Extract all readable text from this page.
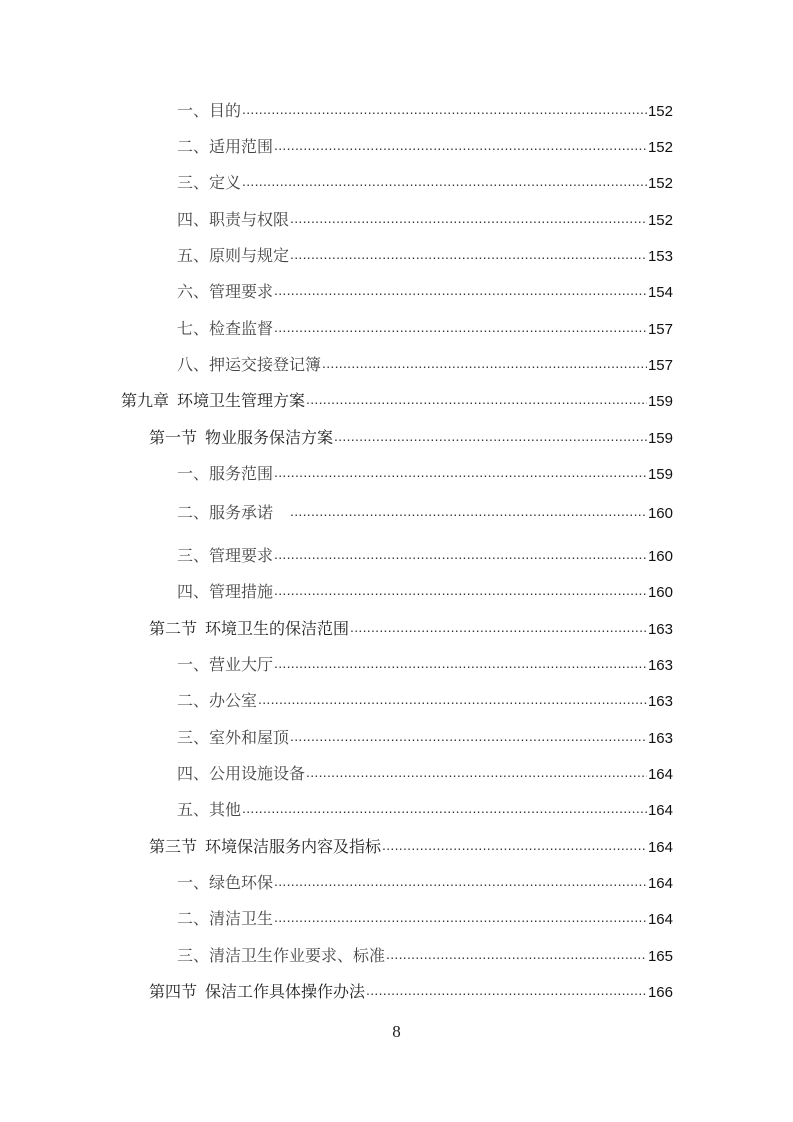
一、目的 .....	152
二、适用范围 .....	152
三、定义 .....	152
四、职责与权限 .....	152
五、原则与规定 .....	153
六、管理要求 .....	154
七、检查监督 .....	157
八、押运交接登记簿 .....	157
第九章  环境卫生管理方案 .....	159
第一节  物业服务保洁方案 .....	159
一、服务范围 .....	159
二、服务承诺 .....	160
三、管理要求 .....	160
四、管理措施 .....	160
第二节  环境卫生的保洁范围 .....	163
一、营业大厅 .....	163
二、办公室 .....	163
三、室外和屋顶 .....	163
四、公用设施设备 .....	164
五、其他 .....	164
第三节  环境保洁服务内容及指标 .....	164
一、绿色环保 .....	164
二、清洁卫生 .....	164
三、清洁卫生作业要求、标准 .....	165
第四节  保洁工作具体操作办法 .....	166
8
